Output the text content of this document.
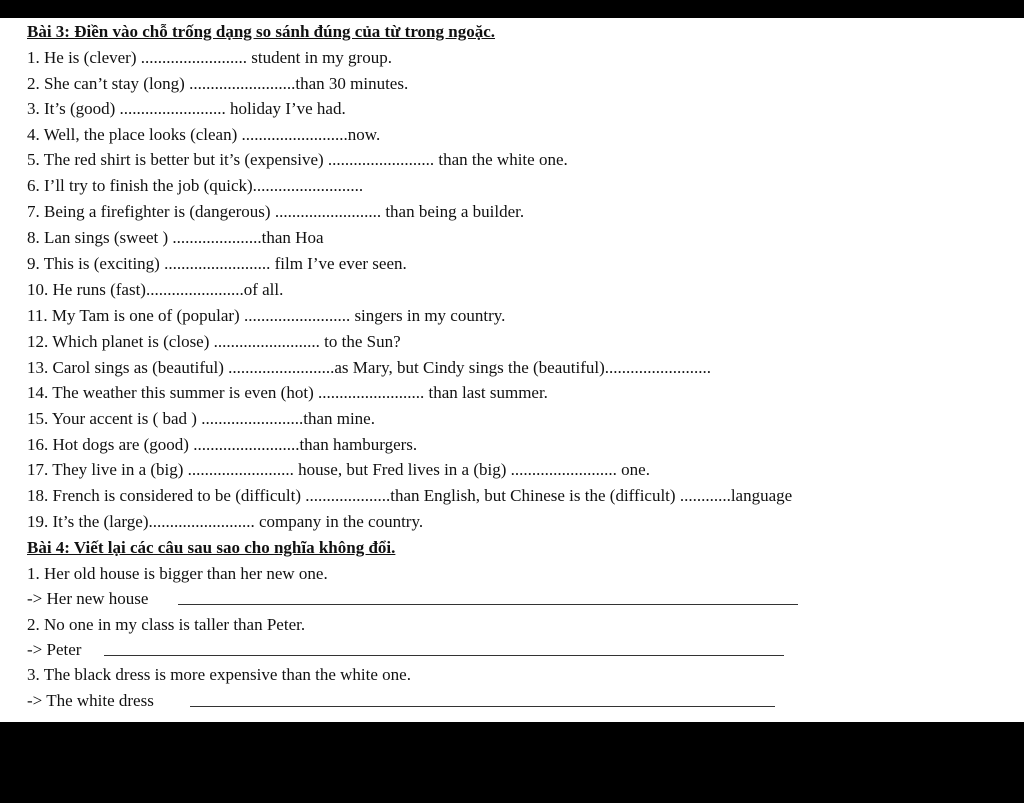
Bài 3: Điền vào chỗ trống dạng so sánh đúng của từ trong ngoặc.
1. He is (clever) ......................... student in my group.
2. She can’t stay (long) .........................than 30 minutes.
3. It’s (good) ......................... holiday I’ve had.
4. Well, the place looks (clean) .........................now.
5. The red shirt is better but it’s (expensive) ......................... than the white one.
6. I’ll try to finish the job (quick)..........................
7. Being a firefighter is (dangerous) ......................... than being a builder.
8. Lan sings (sweet ) .....................than Hoa
9. This is (exciting) ......................... film I’ve ever seen.
10. He runs (fast).......................of all.
11. My Tam is one of (popular) ......................... singers in my country.
12. Which planet is (close) ......................... to the Sun?
13. Carol sings as (beautiful) .........................as Mary, but Cindy sings the (beautiful).........................
14. The weather this summer is even (hot) ......................... than last summer.
15. Your accent is ( bad ) ........................than mine.
16. Hot dogs are (good) .........................than hamburgers.
17. They live in a (big) ......................... house, but Fred lives in a (big) ......................... one.
18. French is considered to be (difficult) ....................than English, but Chinese is the (difficult) ............language
19. It’s the (large)......................... company in the country.
Bài 4: Viết lại các câu sau sao cho nghĩa không đổi.
1. Her old house is bigger than her new one.
-> Her new house
2. No one in my class is taller than Peter.
-> Peter
3. The black dress is more expensive than the white one.
-> The white dress
